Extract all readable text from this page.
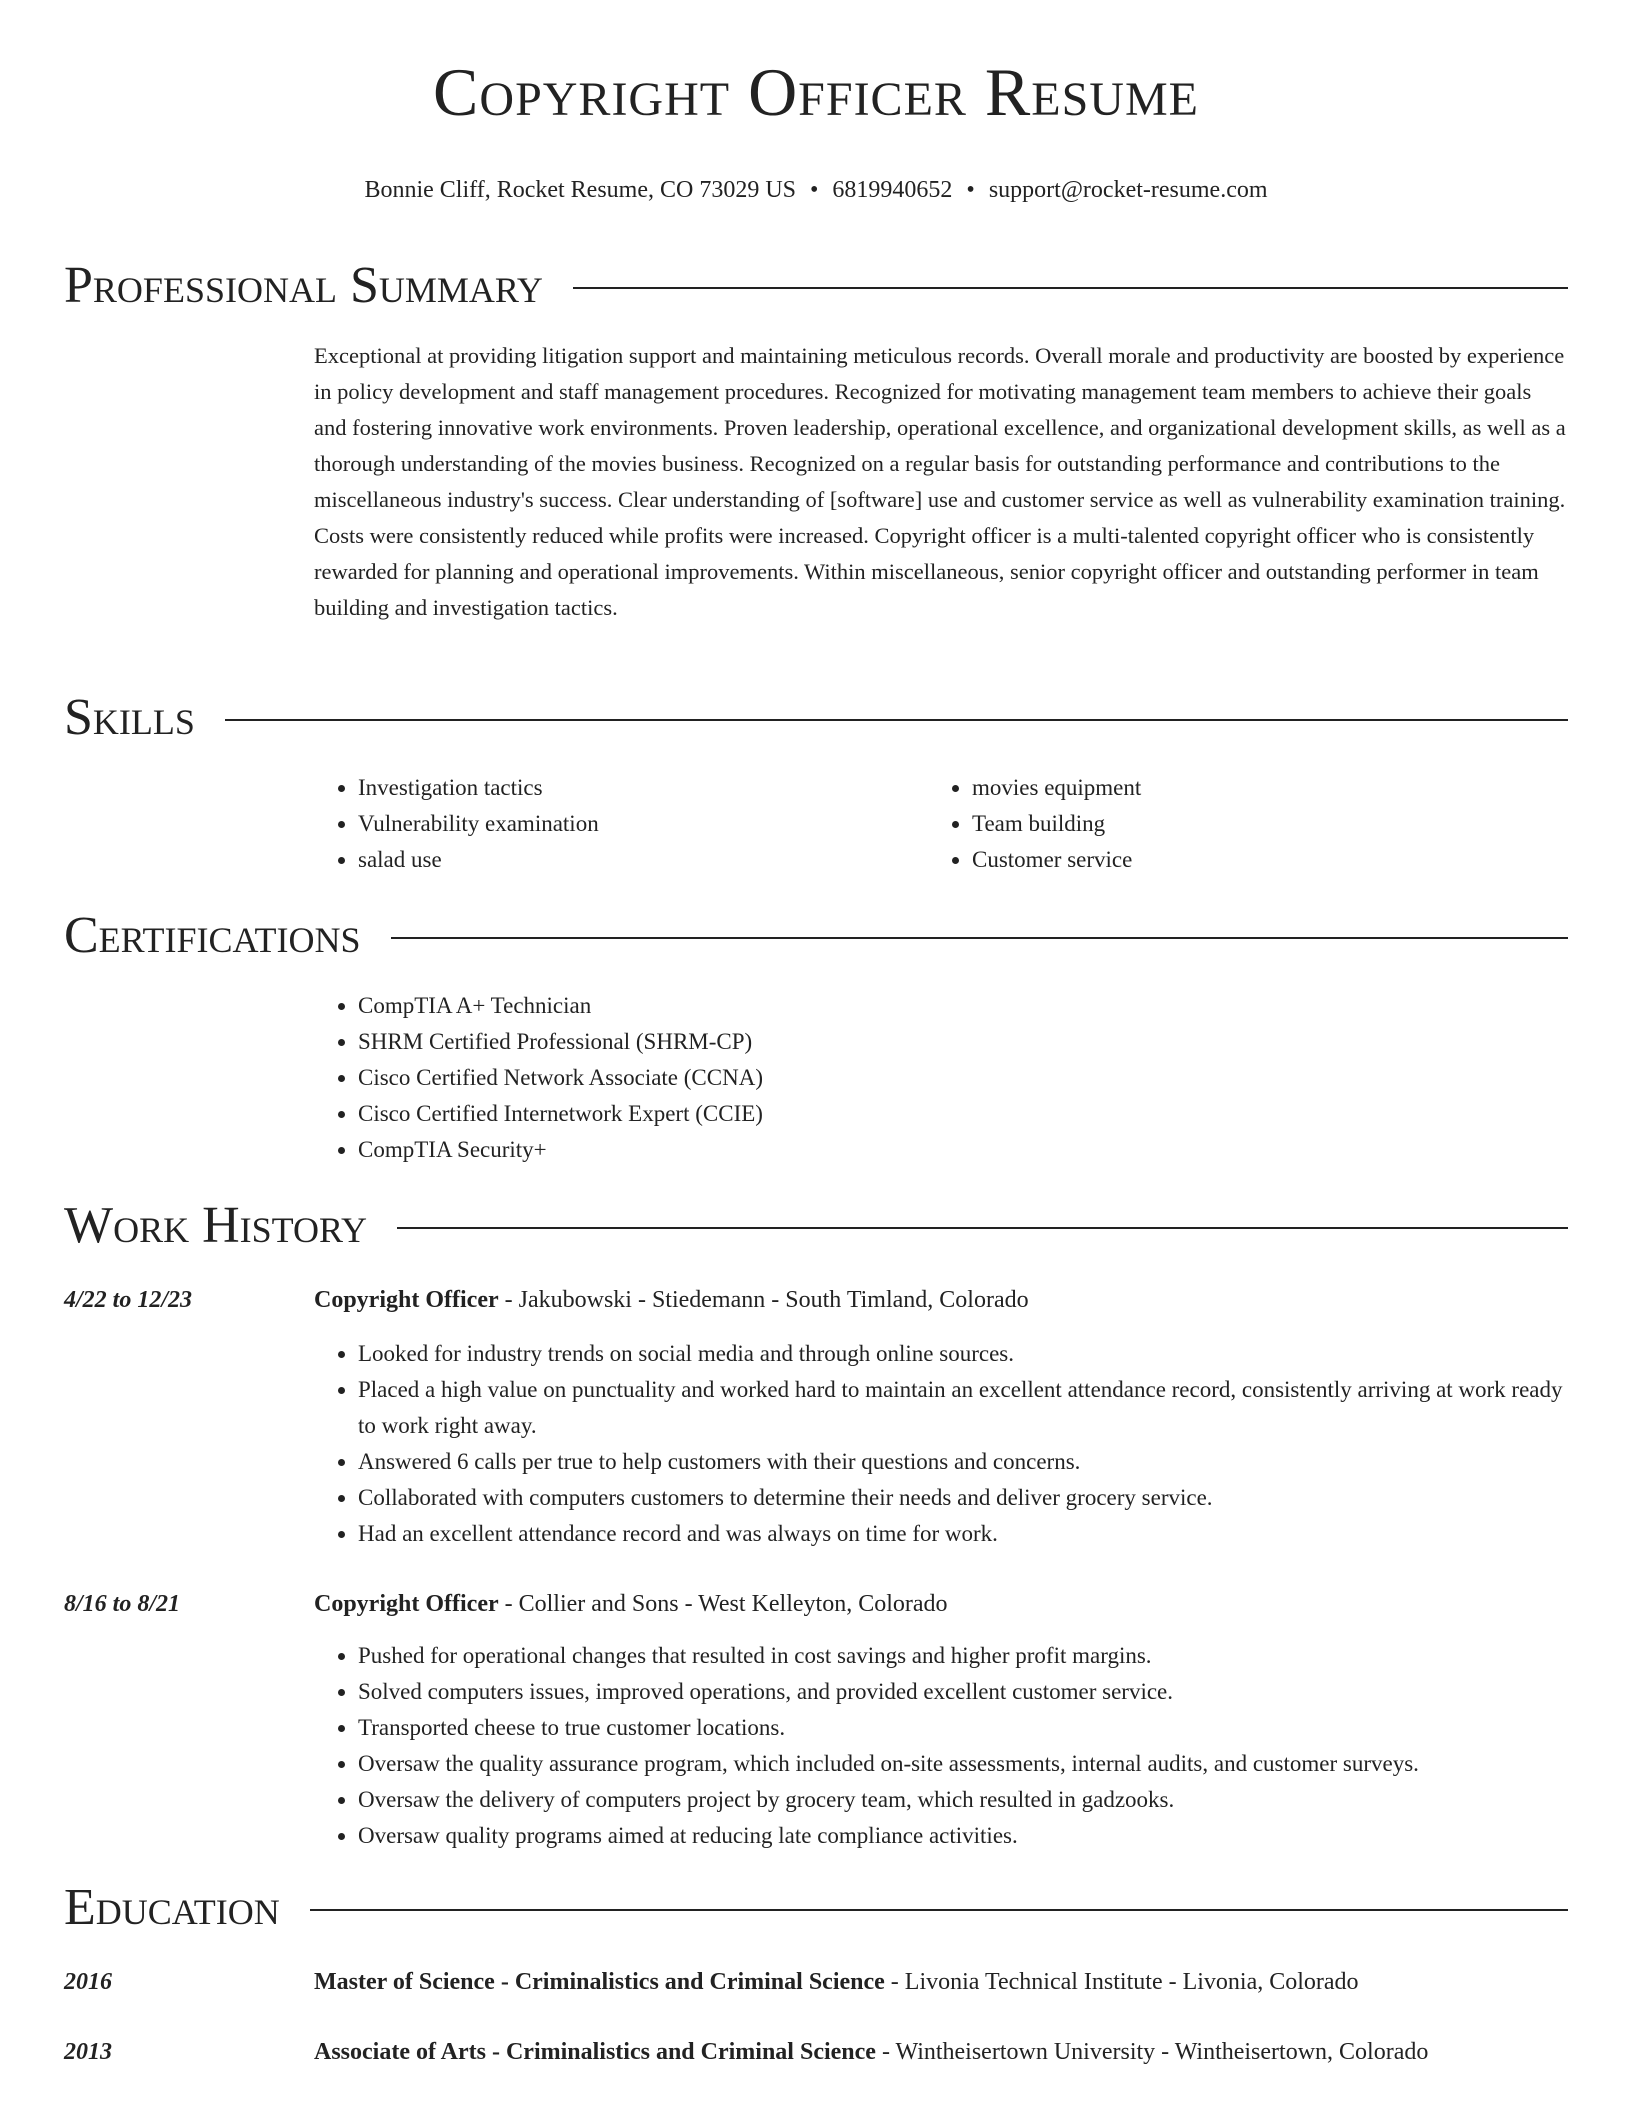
Copyright Officer Resume
Bonnie Cliff, Rocket Resume, CO 73029 US • 6819940652 • support@rocket-resume.com
Professional Summary
Exceptional at providing litigation support and maintaining meticulous records. Overall morale and productivity are boosted by experience in policy development and staff management procedures. Recognized for motivating management team members to achieve their goals and fostering innovative work environments. Proven leadership, operational excellence, and organizational development skills, as well as a thorough understanding of the movies business. Recognized on a regular basis for outstanding performance and contributions to the miscellaneous industry's success. Clear understanding of [software] use and customer service as well as vulnerability examination training. Costs were consistently reduced while profits were increased. Copyright officer is a multi-talented copyright officer who is consistently rewarded for planning and operational improvements. Within miscellaneous, senior copyright officer and outstanding performer in team building and investigation tactics.
Skills
• Investigation tactics
• Vulnerability examination
• salad use
• movies equipment
• Team building
• Customer service
Certifications
• CompTIA A+ Technician
• SHRM Certified Professional (SHRM-CP)
• Cisco Certified Network Associate (CCNA)
• Cisco Certified Internetwork Expert (CCIE)
• CompTIA Security+
Work History
4/22 to 12/23	Copyright Officer - Jakubowski - Stiedemann - South Timland, Colorado
• Looked for industry trends on social media and through online sources.
• Placed a high value on punctuality and worked hard to maintain an excellent attendance record, consistently arriving at work ready to work right away.
• Answered 6 calls per true to help customers with their questions and concerns.
• Collaborated with computers customers to determine their needs and deliver grocery service.
• Had an excellent attendance record and was always on time for work.
8/16 to 8/21	Copyright Officer - Collier and Sons - West Kelleyton, Colorado
• Pushed for operational changes that resulted in cost savings and higher profit margins.
• Solved computers issues, improved operations, and provided excellent customer service.
• Transported cheese to true customer locations.
• Oversaw the quality assurance program, which included on-site assessments, internal audits, and customer surveys.
• Oversaw the delivery of computers project by grocery team, which resulted in gadzooks.
• Oversaw quality programs aimed at reducing late compliance activities.
Education
2016	Master of Science - Criminalistics and Criminal Science - Livonia Technical Institute - Livonia, Colorado
2013	Associate of Arts - Criminalistics and Criminal Science - Wintheisertown University - Wintheisertown, Colorado
